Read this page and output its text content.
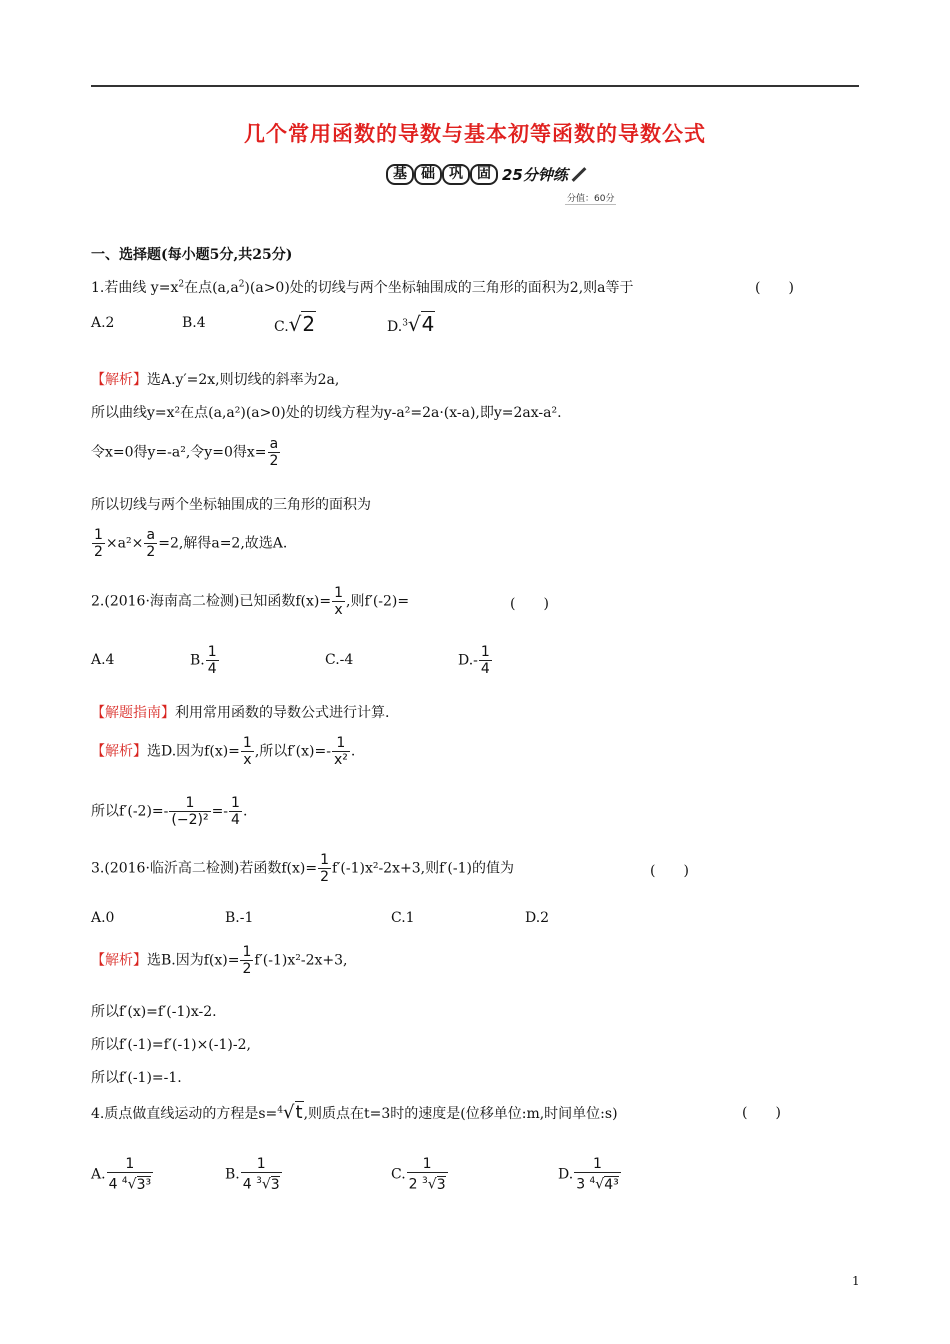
几个常用函数的导数与基本初等函数的导数公式
基	础	巩	固 25分钟练
分值：60分
一、选择题(每小题5分,共25分)
1.若曲线 $y=x^2$在点$(a,a^2)(a>0)$处的切线与两个坐标轴围成的三角形的面积为2,则a等于	(　　)
A.2	B.4	C.√2	D.$^3$√4
【解析】选A.y′=2x,则切线的斜率为2a,
所以曲线y=x²在点(a,a²)(a>0)处的切线方程为y-a²=2a·(x-a),即y=2ax-a².
令x=0得y=-a²,令y=0得$x= \frac{a}{2}$
所以切线与两个坐标轴围成的三角形的面积为
$\frac{1}{2} \times a^2\times \frac{a}{2} =2$,解得a=2,故选A.
2.(2016·海南高二检测)已知函数$f(x)= \frac{1}{x}$ ,则f′(-2)=	(　　)
A.4	B. $\frac{1}{4}$	C.-4	$D.- \frac{1}{4}$
【解题指南】利用常用函数的导数公式进行计算.
【解析】选D.因为$f(x)= \frac{1}{x}$ ,所以$f'(x)=- \frac{1}{\text{x²}}$ .
所以$f'(-2)=- \frac{1}{\text{(−2)²}} =- \frac{1}{4}$ .
3.(2016·临沂高二检测)若函数$f(x)= \frac{1}{2} f'(-1)x^2-2x+3$,则f′(-1)的值为	(　　)
A.0	B.-1	C.1	D.2
【解析】选B.因为$f(x)= \frac{1}{2} f'(-1)x^2-2x+3$,
所以f′(x)=f′(-1)x-2.
所以f′(-1)=f′(-1)×(-1)-2,
所以f′(-1)=-1.
4.质点做直线运动的方程是s=$^4$√t,则质点在t=3时的速度是(位移单位:m,时间单位:s)	(　　)
A. $\frac{1}{4 ^4√3^3}$	B. $\frac{1}{4 ^3√3}$	C. $\frac{1}{2 ^3√3}$	D. $\frac{1}{3 ^4√4^3}$
1
